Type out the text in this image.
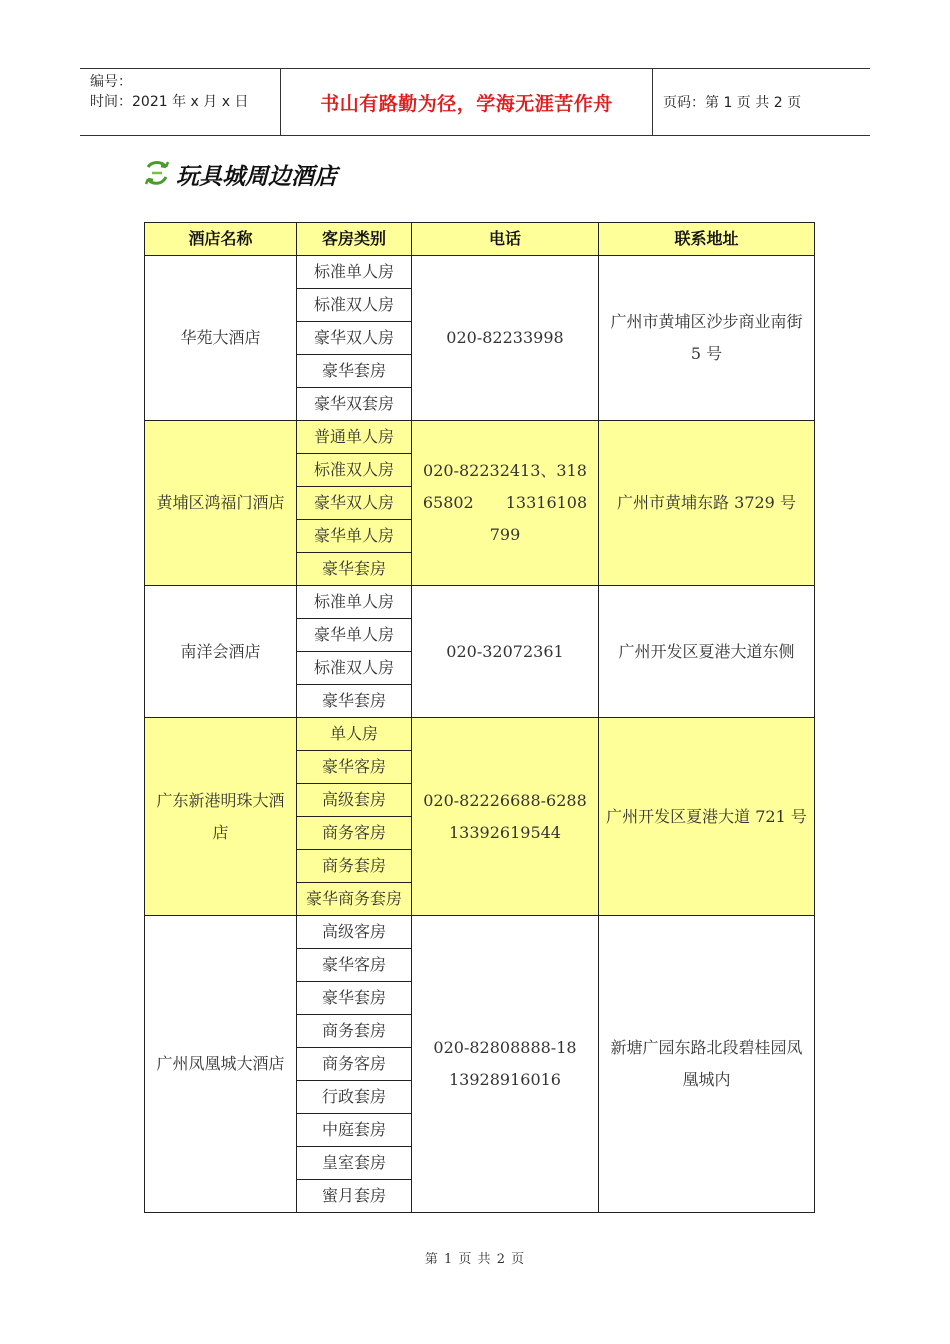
编号：
时间：2021 年 x 月 x 日	书山有路勤为径，学海无涯苦作舟	页码：第 1 页 共 2 页
玩具城周边酒店
酒店名称	客房类别	电话	联系地址
华苑大酒店	标准单人房	020-82233998	广州市黄埔区沙步商业南街 5 号
	标准双人房		
	豪华双人房		
	豪华套房		
	豪华双套房		
黄埔区鸿福门酒店	普通单人房	020-82232413、31865802　　13316108799	广州市黄埔东路 3729 号
	标准双人房		
	豪华双人房		
	豪华单人房		
	豪华套房		
南洋会酒店	标准单人房	020-32072361	广州开发区夏港大道东侧
	豪华单人房		
	标准双人房		
	豪华套房		
广东新港明珠大酒店	单人房	020-82226688-6288 13392619544	广州开发区夏港大道 721 号
	豪华客房		
	高级套房		
	商务客房		
	商务套房		
	豪华商务套房		
广州凤凰城大酒店	高级客房	020-82808888-18 13928916016	新塘广园东路北段碧桂园凤凰城内
	豪华客房		
	豪华套房		
	商务套房		
	商务客房		
	行政套房		
	中庭套房		
	皇室套房		
	蜜月套房		
第 1 页 共 2 页
